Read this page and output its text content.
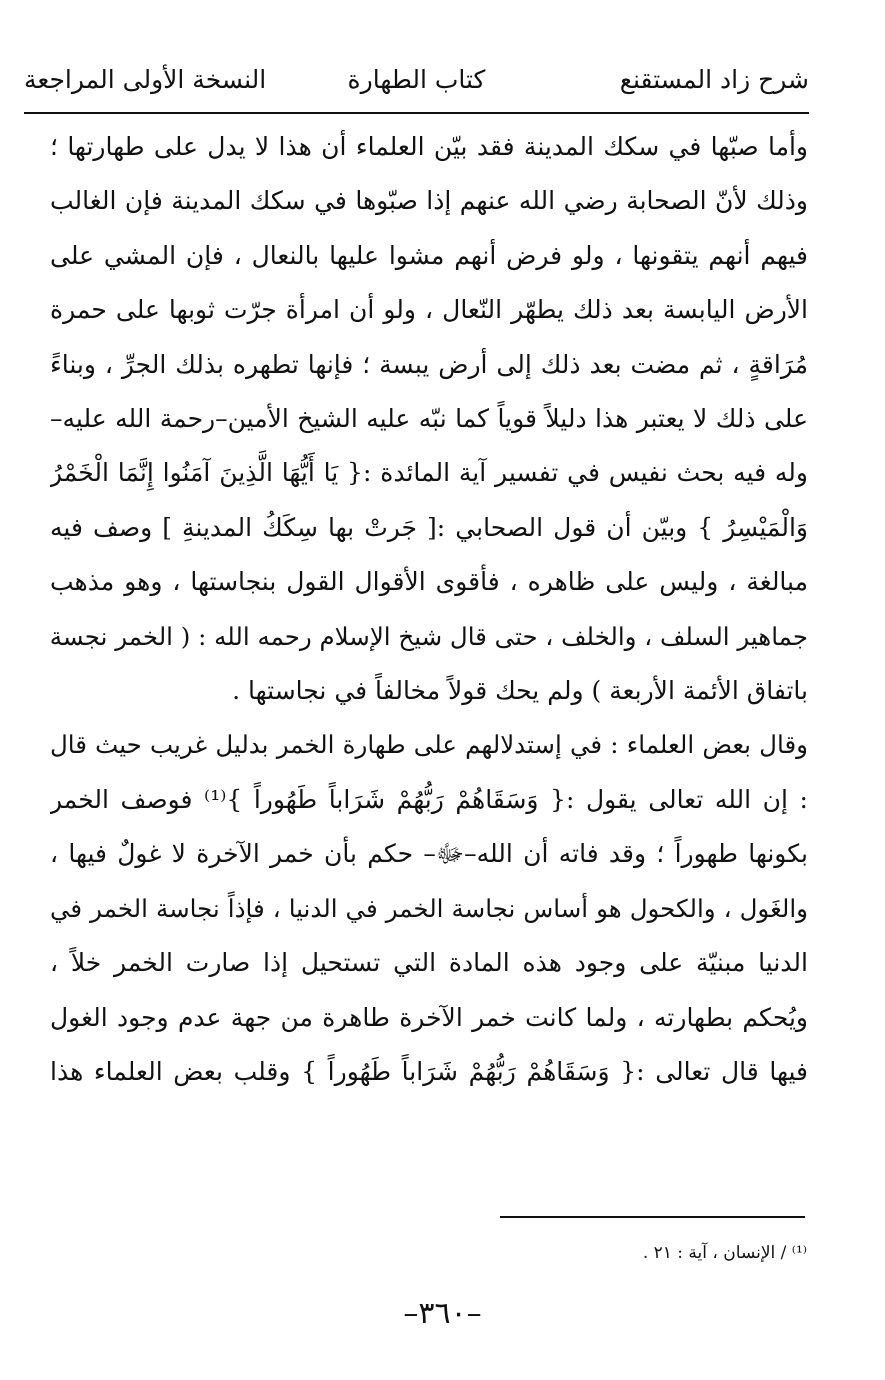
شرح زاد المستقنع
كتاب الطهارة
النسخة الأولى المراجعة
وأما صبّها في سكك المدينة فقد بيّن العلماء أن هذا لا يدل على طهارتها ؛
وذلك لأنّ الصحابة رضي الله عنهم إذا صبّوها في سكك المدينة فإن الغالب
فيهم أنهم يتقونها ، ولو فرض أنهم مشوا عليها بالنعال ، فإن المشي على
الأرض اليابسة بعد ذلك يطهّر النّعال ، ولو أن امرأة جرّت ثوبها على حمرة
مُرَاقةٍ ، ثم مضت بعد ذلك إلى أرض يبسة ؛ فإنها تطهره بذلك الجرِّ ، وبناءً
على ذلك لا يعتبر هذا دليلاً قوياً كما نبّه عليه الشيخ الأمين–رحمة الله عليه–
وله فيه بحث نفيس في تفسير آية المائدة :{ يَا أَيُّهَا الَّذِينَ آمَنُوا إِنَّمَا الْخَمْرُ
وَالْمَيْسِرُ } وبيّن أن قول الصحابي :[ جَرتْ بها سِكَكُ المدينةِ ] وصف فيه
مبالغة ، وليس على ظاهره ، فأقوى الأقوال القول بنجاستها ، وهو مذهب
جماهير السلف ، والخلف ، حتى قال شيخ الإسلام رحمه الله : ( الخمر نجسة
باتفاق الأئمة الأربعة ) ولم يحك قولاً مخالفاً في نجاستها .
وقال بعض العلماء : في إستدلالهم على طهارة الخمر بدليل غريب حيث قال
: إن الله تعالى يقول :{ وَسَقَاهُمْ رَبُّهُمْ شَرَاباً طَهُوراً }⁽¹⁾ فوصف الخمر
بكونها طهوراً ؛ وقد فاته أن الله–ﷻ– حكم بأن خمر الآخرة لا غولٌ فيها ،
والغَول ، والكحول هو أساس نجاسة الخمر في الدنيا ، فإذاً نجاسة الخمر في
الدنيا مبنيّة على وجود هذه المادة التي تستحيل إذا صارت الخمر خلاً ،
ويُحكم بطهارته ، ولما كانت خمر الآخرة طاهرة من جهة عدم وجود الغول
فيها قال تعالى :{ وَسَقَاهُمْ رَبُّهُمْ شَرَاباً طَهُوراً } وقلب بعض العلماء هذا
⁽¹⁾ / الإنسان ، آية : ٢١ .
–٣٦٠–
